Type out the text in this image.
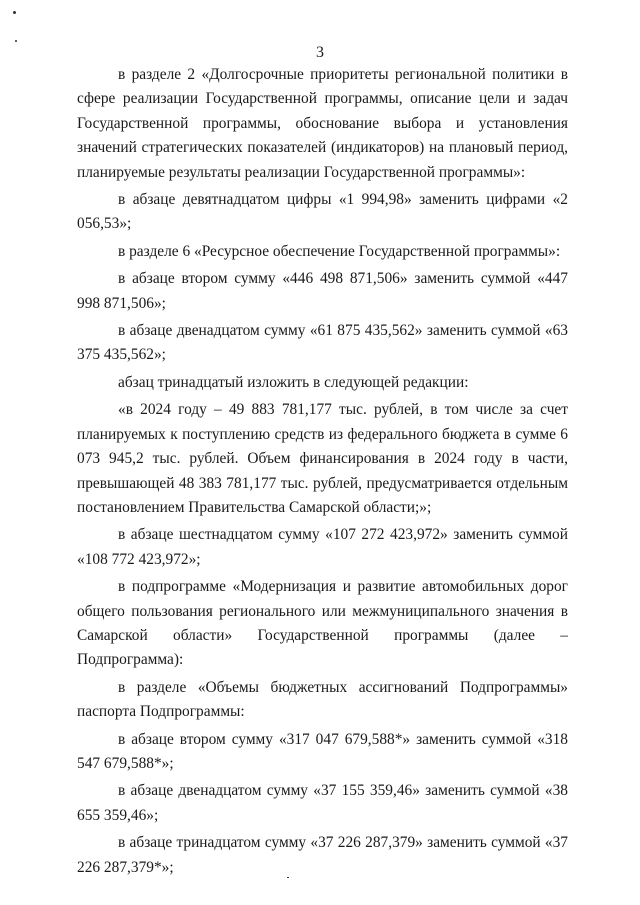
3

в разделе 2 «Долгосрочные приоритеты региональной политики в сфере реализации Государственной программы, описание цели и задач Государственной программы, обоснование выбора и установления значений стратегических показателей (индикаторов) на плановый период, планируемые результаты реализации Государственной программы»:

в абзаце девятнадцатом цифры «1 994,98» заменить цифрами «2 056,53»;

в разделе 6 «Ресурсное обеспечение Государственной программы»:

в абзаце втором сумму «446 498 871,506» заменить суммой «447 998 871,506»;

в абзаце двенадцатом сумму «61 875 435,562» заменить суммой «63 375 435,562»;

абзац тринадцатый изложить в следующей редакции:

«в 2024 году – 49 883 781,177 тыс. рублей, в том числе за счет планируемых к поступлению средств из федерального бюджета в сумме 6 073 945,2 тыс. рублей. Объем финансирования в 2024 году в части, превышающей 48 383 781,177 тыс. рублей, предусматривается отдельным постановлением Правительства Самарской области;»;

в абзаце шестнадцатом сумму «107 272 423,972» заменить суммой «108 772 423,972»;

в подпрограмме «Модернизация и развитие автомобильных дорог общего пользования регионального или межмуниципального значения в Самарской области» Государственной программы (далее – Подпрограмма):

в разделе «Объемы бюджетных ассигнований Подпрограммы» паспорта Подпрограммы:

в абзаце втором сумму «317 047 679,588*» заменить суммой «318 547 679,588*»;

в абзаце двенадцатом сумму «37 155 359,46» заменить суммой «38 655 359,46»;

в абзаце тринадцатом сумму «37 226 287,379» заменить суммой «37 226 287,379*»;
